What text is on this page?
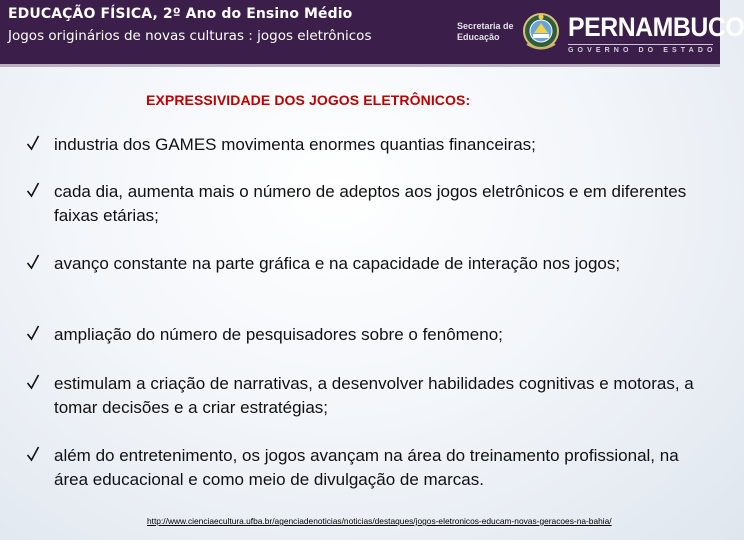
EDUCAÇÃO FÍSICA, 2º Ano do Ensino Médio
Jogos originários de novas culturas : jogos eletrônicos
Secretaria de
Educação	PERNAMBUCO
GOVERNO DO ESTADO
EXPRESSIVIDADE DOS JOGOS ELETRÔNICOS:
industria dos GAMES movimenta enormes quantias financeiras;
cada dia, aumenta mais o número de adeptos aos jogos eletrônicos e em diferentes faixas etárias;
avanço constante na parte gráfica e na capacidade de interação nos jogos;
ampliação do número de pesquisadores sobre o fenômeno;
estimulam a criação de narrativas, a desenvolver habilidades cognitivas e motoras, a tomar decisões e a criar estratégias;
além do entretenimento, os jogos avançam na área do treinamento profissional, na área educacional e como meio de divulgação de marcas.
http://www.cienciaecultura.ufba.br/agenciadenoticias/noticias/destaques/jogos-eletronicos-educam-novas-geracoes-na-bahia/
